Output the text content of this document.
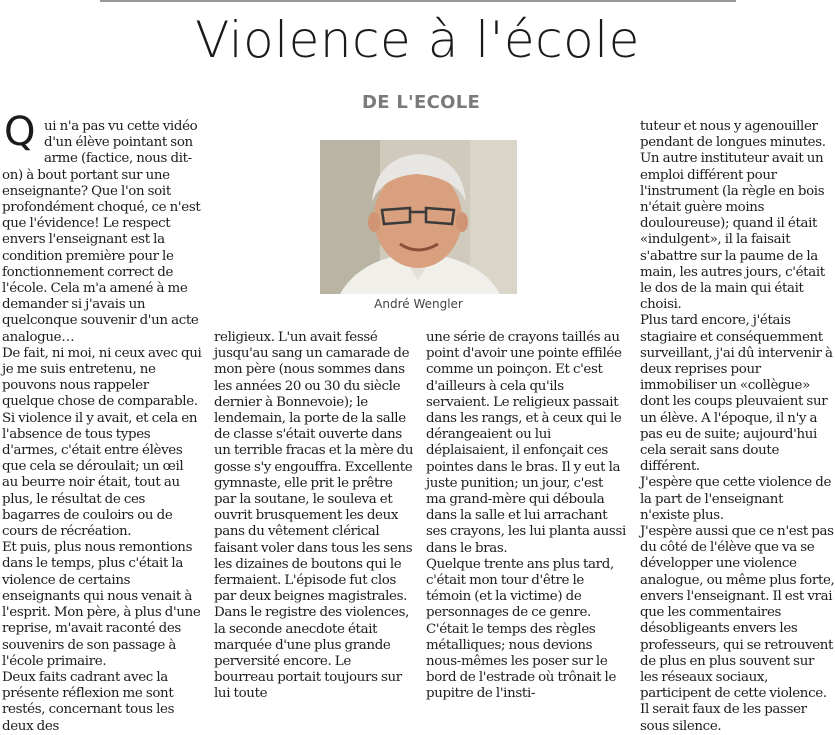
Violence à l'école
DE L'ECOLE
Q ui n'a pas vu cette vidéo d'un élève pointant son arme (factice, nous dit-on) à bout portant sur une enseignante? Que l'on soit profondément choqué, ce n'est que l'évidence! Le respect envers l'enseignant est la condition première pour le fonctionnement correct de l'école. Cela m'a amené à me demander si j'avais un quelconque souvenir d'un acte analogue…

De fait, ni moi, ni ceux avec qui je me suis entretenu, ne pouvons nous rappeler quelque chose de comparable. Si violence il y avait, et cela en l'absence de tous types d'armes, c'était entre élèves que cela se déroulait; un œil au beurre noir était, tout au plus, le résultat de ces bagarres de couloirs ou de cours de récréation.

Et puis, plus nous remontions dans le temps, plus c'était la violence de certains enseignants qui nous venait à l'esprit. Mon père, à plus d'une reprise, m'avait raconté des souvenirs de son passage à l'école primaire.

Deux faits cadrant avec la présente réflexion me sont restés, concernant tous les deux des

André Wengler

religieux. L'un avait fessé jusqu'au sang un camarade de mon père (nous sommes dans les années 20 ou 30 du siècle dernier à Bonnevoie); le lendemain, la porte de la salle de classe s'était ouverte dans un terrible fracas et la mère du gosse s'y engouffra. Excellente gymnaste, elle prit le prêtre par la soutane, le souleva et ouvrit brusquement les deux pans du vêtement clérical faisant voler dans tous les sens les dizaines de boutons qui le fermaient. L'épisode fut clos par deux beignes magistrales.

Dans le registre des violences, la seconde anecdote était marquée d'une plus grande perversité encore. Le bourreau portait toujours sur lui toute

une série de crayons taillés au point d'avoir une pointe effilée comme un poinçon. Et c'est d'ailleurs à cela qu'ils servaient. Le religieux passait dans les rangs, et à ceux qui le dérangeaient ou lui déplaisaient, il enfonçait ces pointes dans le bras. Il y eut la juste punition; un jour, c'est ma grand-mère qui déboula dans la salle et lui arrachant ses crayons, les lui planta aussi dans le bras.

Quelque trente ans plus tard, c'était mon tour d'être le témoin (et la victime) de personnages de ce genre. C'était le temps des règles métalliques; nous devions nous-mêmes les poser sur le bord de l'estrade où trônait le pupitre de l'insti-

tuteur et nous y agenouiller pendant de longues minutes. Un autre instituteur avait un emploi différent pour l'instrument (la règle en bois n'était guère moins douloureuse); quand il était «indulgent», il la faisait s'abattre sur la paume de la main, les autres jours, c'était le dos de la main qui était choisi.

Plus tard encore, j'étais stagiaire et conséquemment surveillant, j'ai dû intervenir à deux reprises pour immobiliser un «collègue» dont les coups pleuvaient sur un élève. A l'époque, il n'y a pas eu de suite; aujourd'hui cela serait sans doute différent.

J'espère que cette violence de la part de l'enseignant n'existe plus.

J'espère aussi que ce n'est pas du côté de l'élève que va se développer une violence analogue, ou même plus forte, envers l'enseignant. Il est vrai que les commentaires désobligeants envers les professeurs, qui se retrouvent de plus en plus souvent sur les réseaux sociaux, participent de cette violence. Il serait faux de les passer sous silence.
